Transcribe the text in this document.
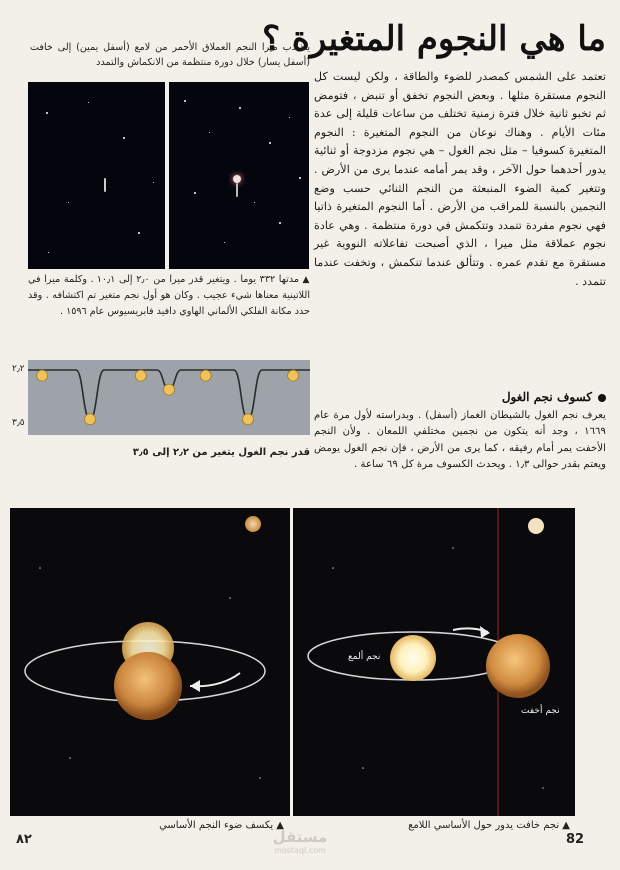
ما هي النجوم المتغيرة ؟
يتذبذب ميرا النجم العملاق الأحمر من لامع (أسفل يمين) إلى خافت (أسفل يسار) خلال دورة منتظمة من الانكماش والتمدد
▲ مدتها ٣٣٢ يوما . ويتغير قدر ميرا من ٢٫٠ إلى ١٠٫١ . وكلمة ميرا في اللاتينية معناها شيء عجيب . وكان هو أول نجم متغير تم اكتشافه . وقد حدد مكانة الفلكي الألماني الهاوي دافيد فابريسيوس عام ١٥٩٦ .
٢٫٢
٣٫٥
قدر نجم الغول يتغير من ٢٫٢ إلى ٣٫٥
تعتمد على الشمس كمصدر للضوء والطاقة ، ولكن ليست كل النجوم مستقرة مثلها . وبعض النجوم تخفق أو تنبض ، فتومض ثم تخبو ثانية خلال فترة زمنية تختلف من ساعات قليلة إلى عدة مئات الأيام . وهناك نوعان من النجوم المتغيرة : النجوم المتغيرة كسوفيا – مثل نجم الغول – هي نجوم مزدوجة أو ثنائية يدور أحدهما حول الآخر ، وقد يمر أمامه عندما يرى من الأرض . وتتغير كمية الضوء المنبعثة من النجم الثنائي حسب وضع النجمين بالنسبة للمراقب من الأرض . أما النجوم المتغيرة ذاتيا فهي نجوم مفردة تتمدد وتتكمش في دورة منتظمة . وهي عادة نجوم عملاقة مثل ميرا ، الذي أصبحت تفاعلاته النووية غير مستقرة مع تقدم عمره . وتتألق عندما تنكمش ، وتخفت عندما تتمدد .
كسوف نجم الغول
يعرف نجم الغول بالشيطان الغماز (أسفل) . وبدراسته لأول مرة عام ١٦٦٩ ، وجد أنه يتكون من نجمين مختلفي اللمعان . ولأن النجم الأخفت يمر أمام رفيقه ، كما يرى من الأرض ، فإن نجم الغول يومض ويعتم بقدر حوالى ١٫٣ . ويحدث الكسوف مرة كل ٦٩ ساعة .
نجم ألمع
نجم أخفت
▲ يكسف ضوء النجم الأساسي	▲ نجم خافت يدور حول الأساسي اللامع
٨٢	82
مستقل
mostaql.com
